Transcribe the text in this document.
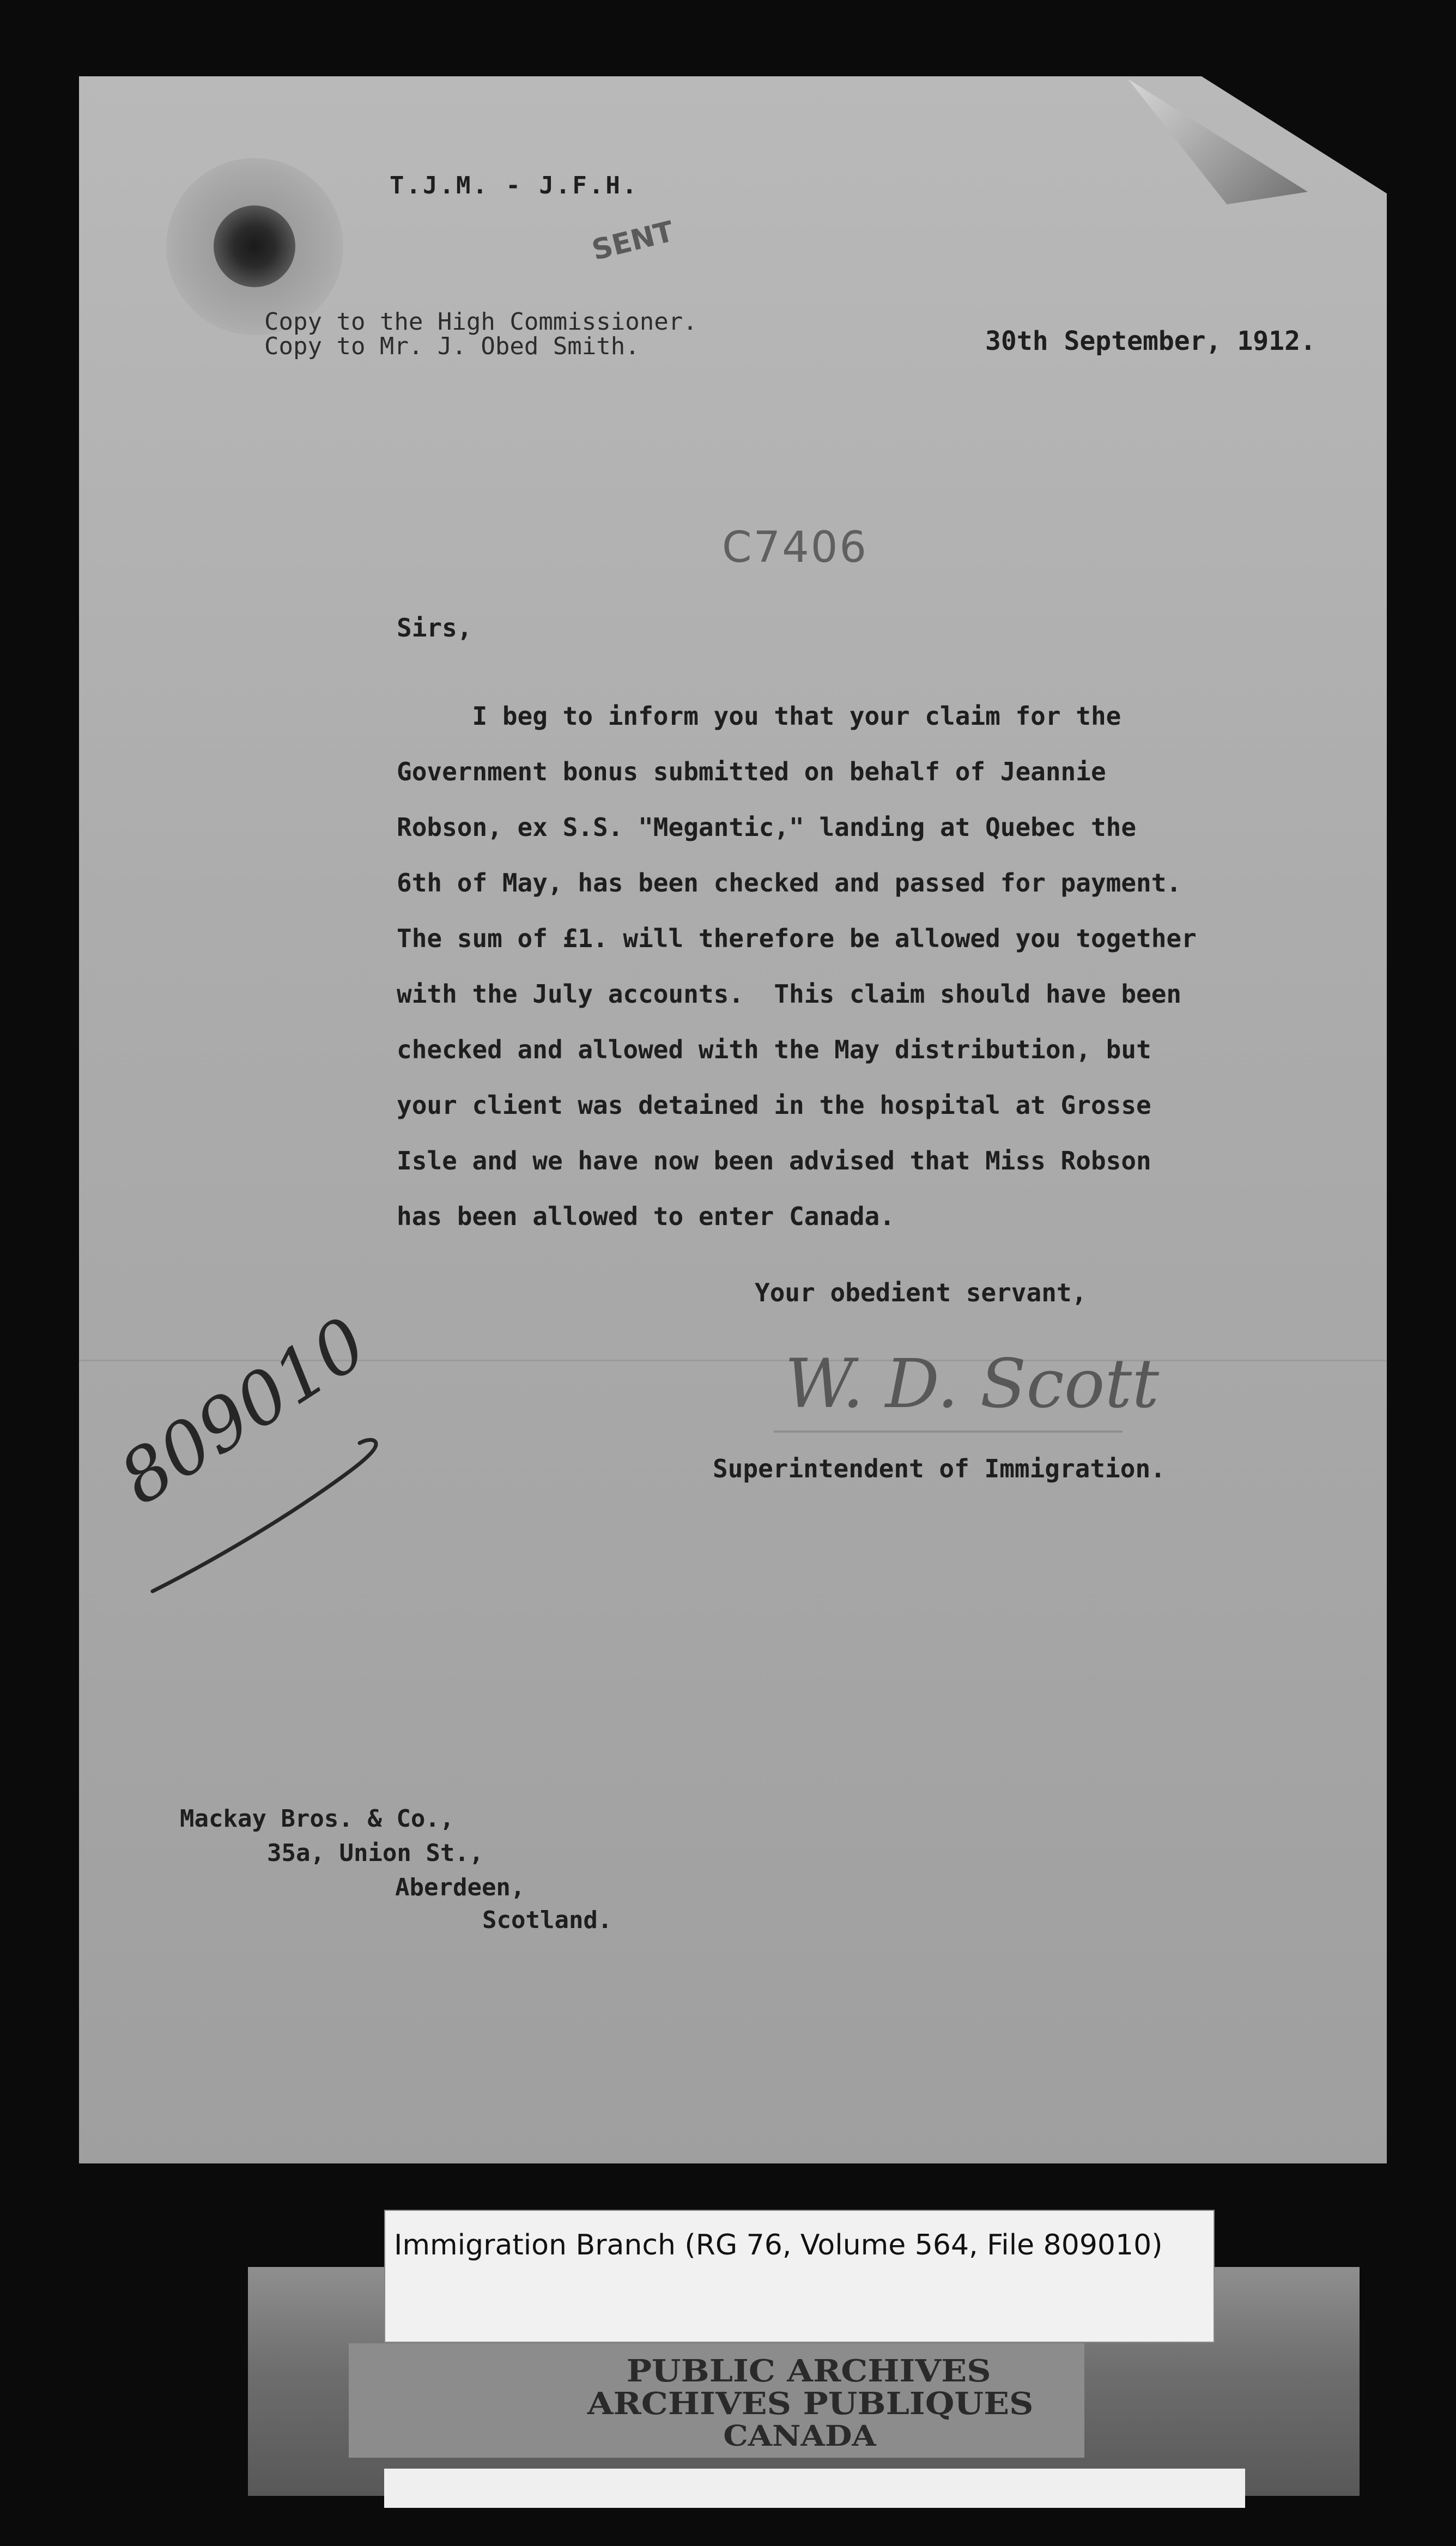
T.J.M. - J.F.H.
SENT
Copy to the High Commissioner.
Copy to Mr. J. Obed Smith.	30th September, 1912.
C7406
Sirs,
I beg to inform you that your claim for the
Government bonus submitted on behalf of Jeannie
Robson, ex S.S. "Megantic," landing at Quebec the
6th of May, has been checked and passed for payment.
The sum of £1. will therefore be allowed you together
with the July accounts.  This claim should have been
checked and allowed with the May distribution, but
your client was detained in the hospital at Grosse
Isle and we have now been advised that Miss Robson
has been allowed to enter Canada.
Your obedient servant,
W. D. Scott
Superintendent of Immigration.
809010
Mackay Bros. & Co.,
35a, Union St.,
Aberdeen,
Scotland.
Immigration Branch (RG 76, Volume 564, File 809010)
PUBLIC ARCHIVES
ARCHIVES PUBLIQUES
CANADA
